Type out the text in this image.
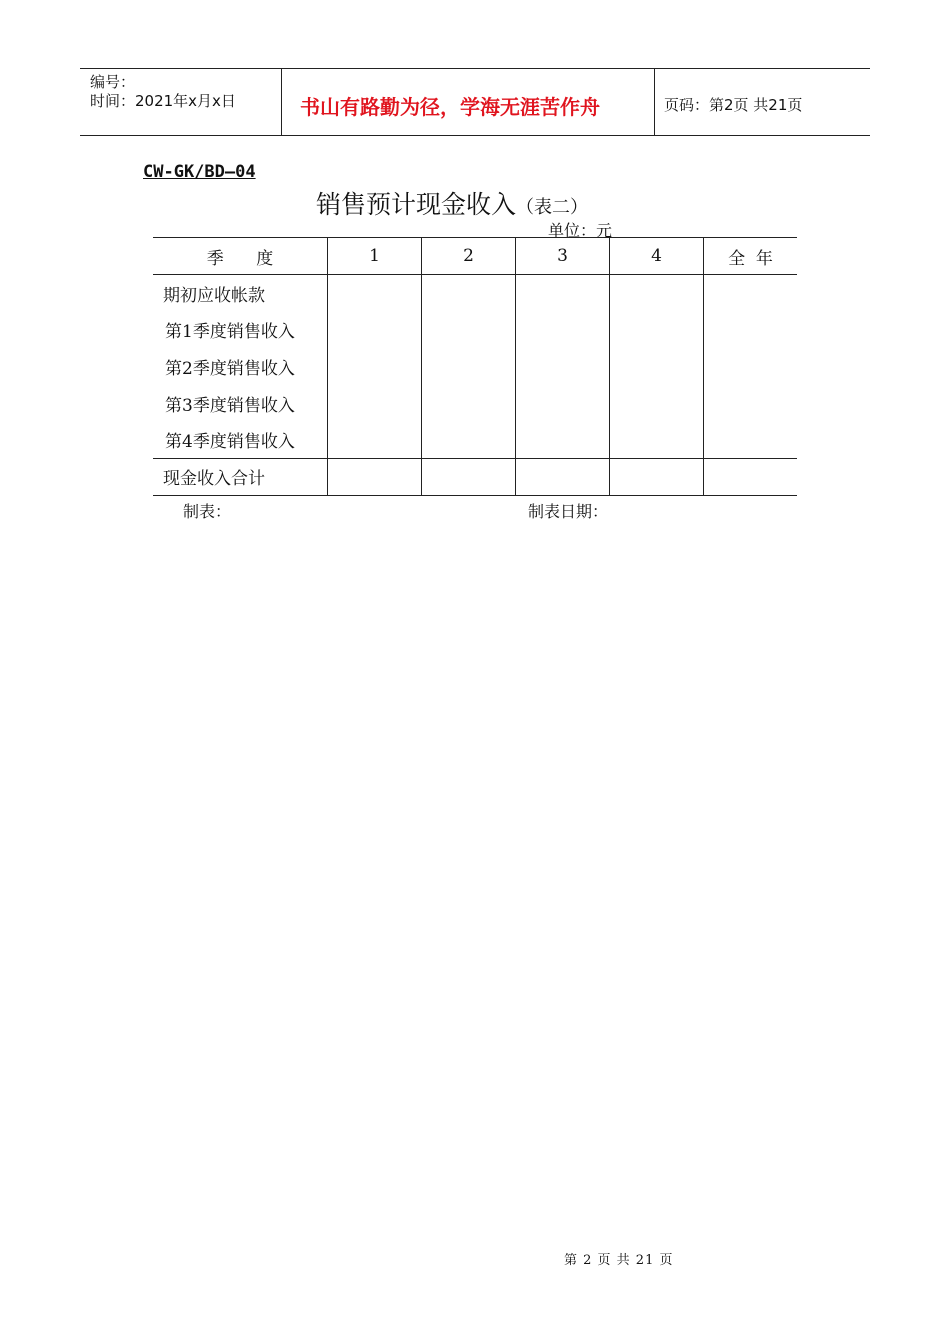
编号：
时间：2021年x月x日	书山有路勤为径，学海无涯苦作舟	页码：第2页 共21页
CW-GK/BD—04
销售预计现金收入（表二）
单位：元
季      度	1	2	3	4	全  年
期初应收帐款					
第1季度销售收入					
第2季度销售收入					
第3季度销售收入					
第4季度销售收入					
现金收入合计					
制表：	制表日期：
第 2 页 共 21 页
